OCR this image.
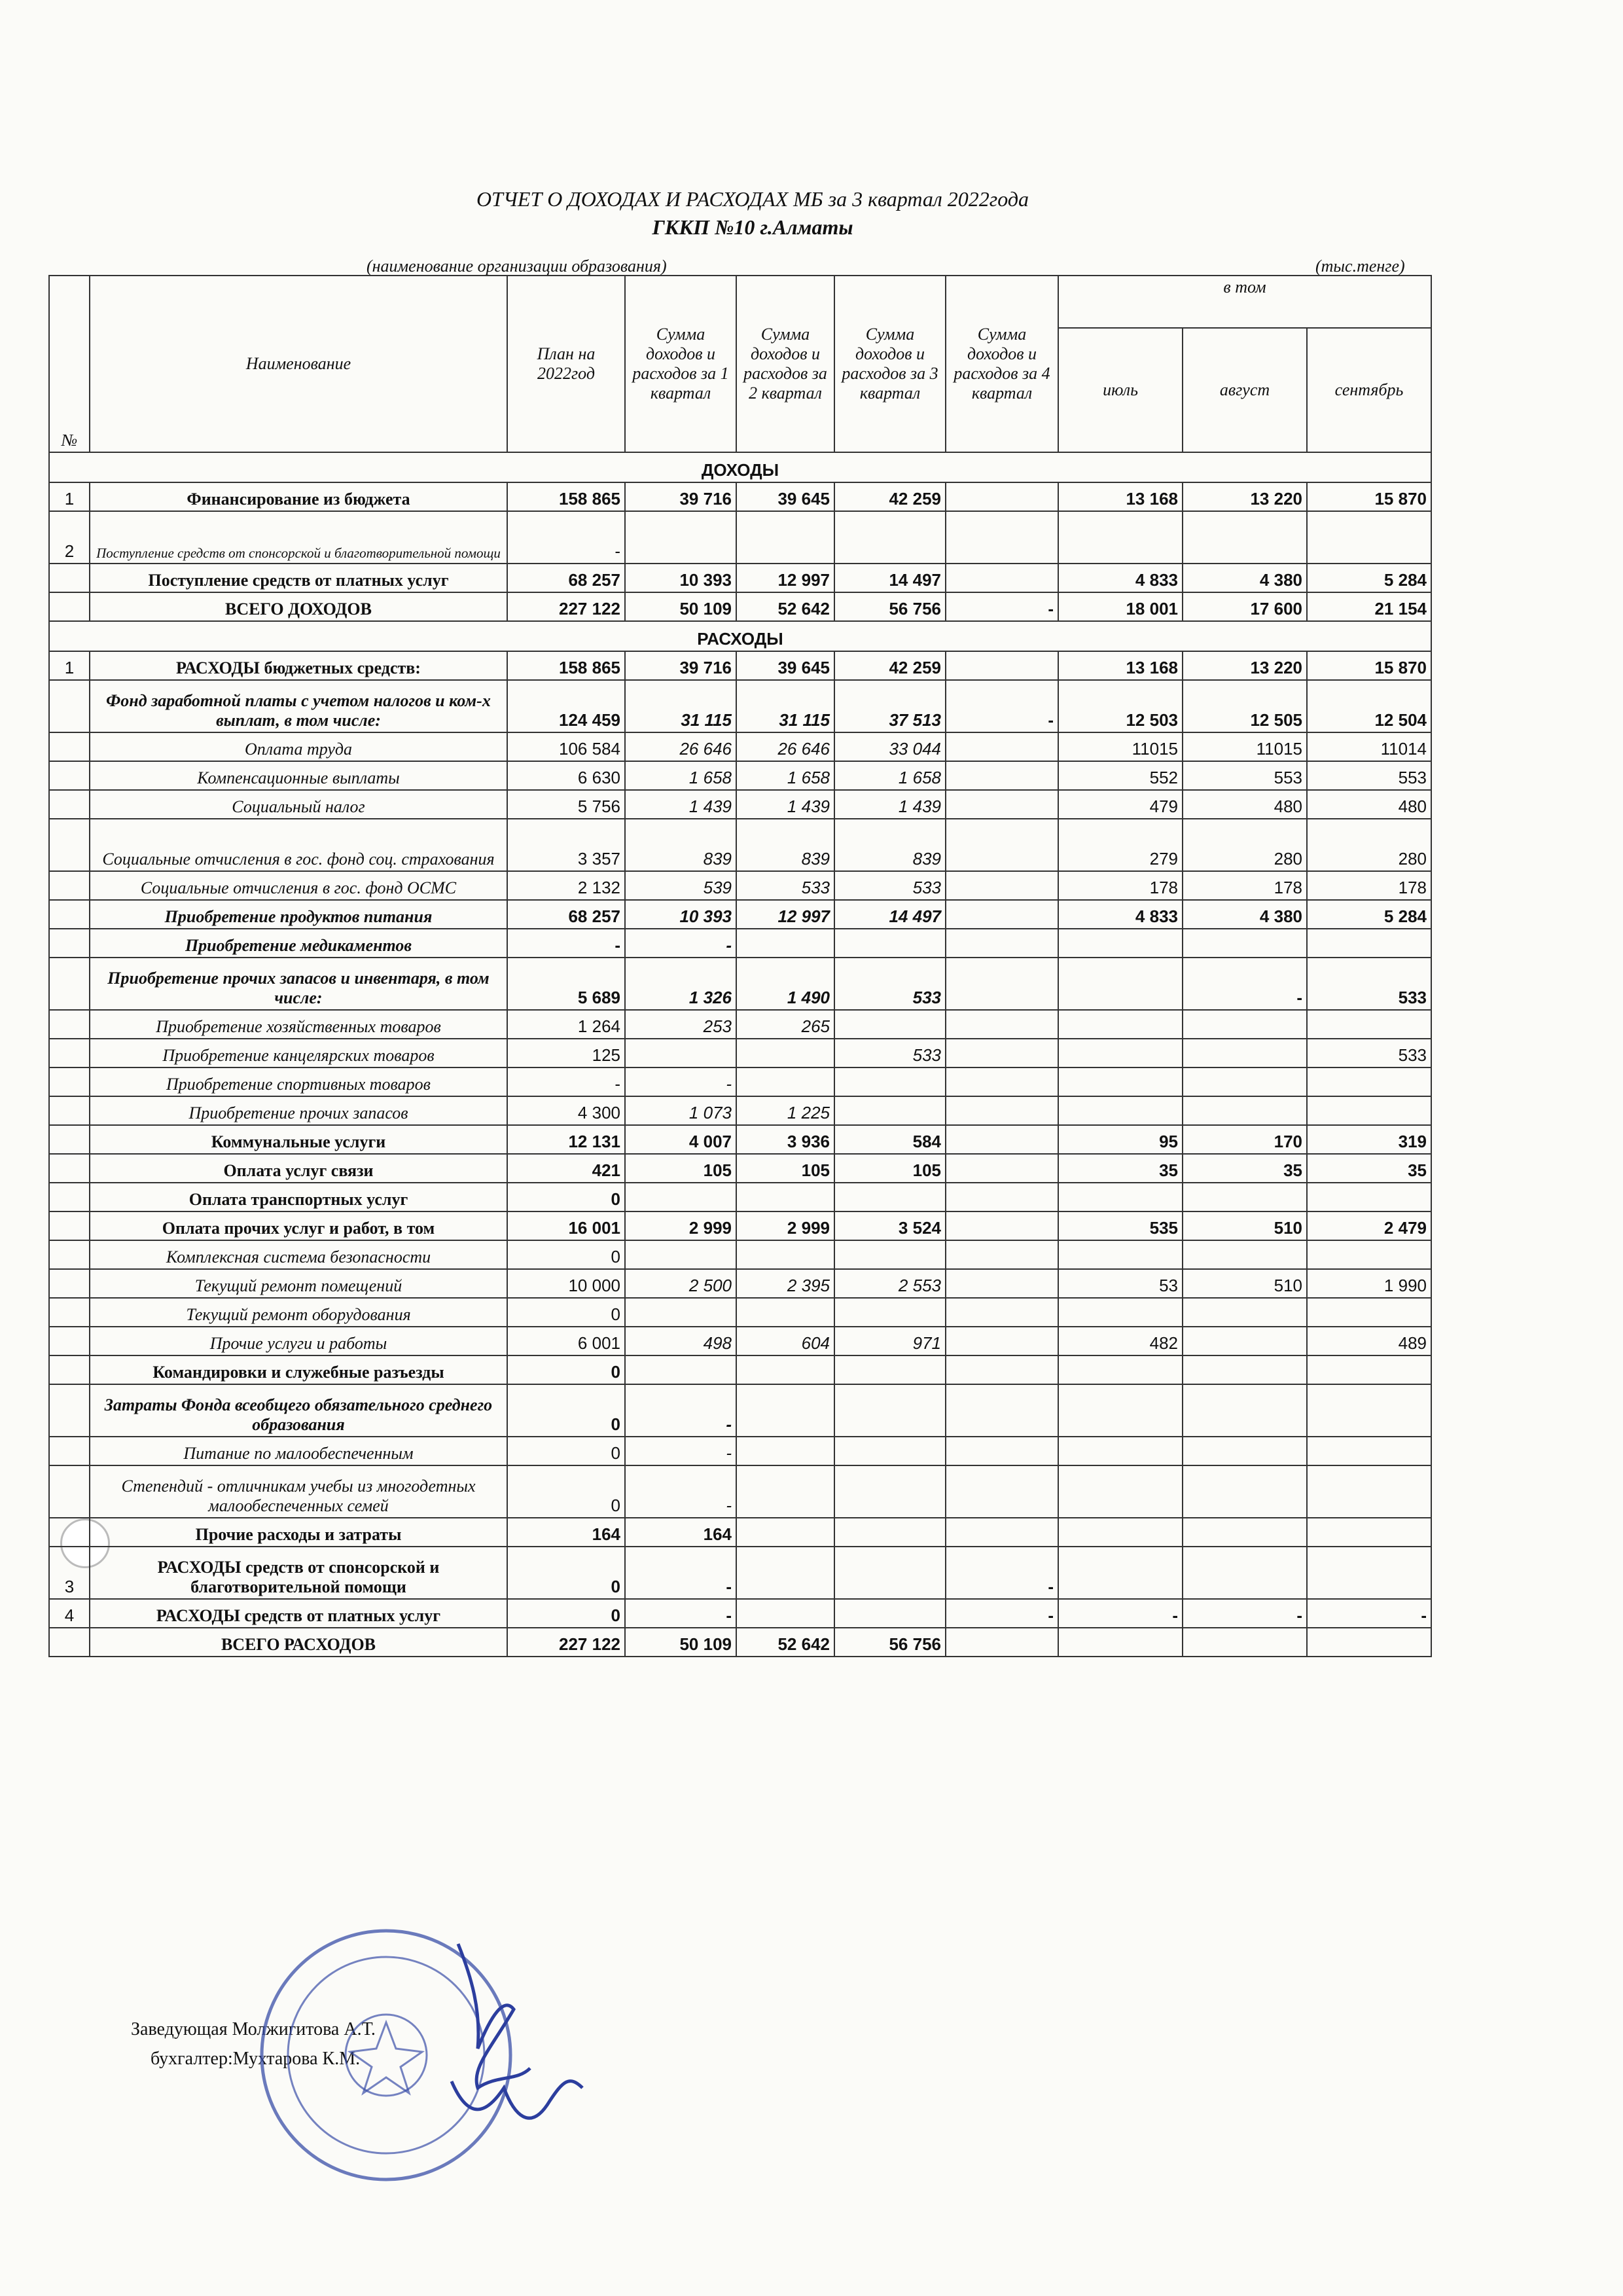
ОТЧЕТ О ДОХОДАХ И РАСХОДАХ МБ за 3 квартал 2022года
ГККП №10 г.Алматы
(наименование организации образования)	(тыс.тенге)
№	Наименование	План на 2022год	Сумма доходов и расходов за 1 квартал	Сумма доходов и расходов за 2 квартал	Сумма доходов и расходов за 3 квартал	Сумма доходов и расходов за 4 квартал	в том		
							июль	август	сентябрь
ДОХОДЫ									
1	Финансирование из бюджета	158 865	39 716	39 645	42 259		13 168	13 220	15 870
2	Поступление средств от спонсорской и благотворительной помощи	-							
	Поступление средств от платных услуг	68 257	10 393	12 997	14 497		4 833	4 380	5 284
	ВСЕГО ДОХОДОВ	227 122	50 109	52 642	56 756	-	18 001	17 600	21 154
РАСХОДЫ									
1	РАСХОДЫ бюджетных средств:	158 865	39 716	39 645	42 259		13 168	13 220	15 870
	Фонд заработной платы с учетом налогов и ком-х выплат, в том числе:	124 459	31 115	31 115	37 513	-	12 503	12 505	12 504
	Оплата труда	106 584	26 646	26 646	33 044		11015	11015	11014
	Компенсационные выплаты	6 630	1 658	1 658	1 658		552	553	553
	Социальный налог	5 756	1 439	1 439	1 439		479	480	480
	Социальные отчисления в гос. фонд соц. страхования	3 357	839	839	839		279	280	280
	Социальные отчисления в гос. фонд ОСМС	2 132	539	533	533		178	178	178
	Приобретение продуктов питания	68 257	10 393	12 997	14 497		4 833	4 380	5 284
	Приобретение медикаментов	-	-						
	Приобретение прочих запасов и инвентаря, в том числе:	5 689	1 326	1 490	533			-	533
	Приобретение хозяйственных товаров	1 264	253	265					
	Приобретение канцелярских товаров	125			533				533
	Приобретение спортивных товаров	-	-						
	Приобретение прочих запасов	4 300	1 073	1 225					
	Коммунальные услуги	12 131	4 007	3 936	584		95	170	319
	Оплата услуг связи	421	105	105	105		35	35	35
	Оплата транспортных услуг	0							
	Оплата прочих услуг и работ, в том	16 001	2 999	2 999	3 524		535	510	2 479
	Комплексная система безопасности	0							
	Текущий ремонт помещений	10 000	2 500	2 395	2 553		53	510	1 990
	Текущий ремонт оборудования	0							
	Прочие услуги и работы	6 001	498	604	971		482		489
	Командировки и служебные разъезды	0							
	Затраты Фонда всеобщего обязательного среднего образования	0	-						
	Питание по малообеспеченным	0	-						
	Степендий - отличникам учебы из многодетных малообеспеченных семей	0	-						
	Прочие расходы и затраты	164	164						
3	РАСХОДЫ средств от спонсорской и благотворительной помощи	0	-			-			
4	РАСХОДЫ средств от платных услуг	0	-			-	-	-	-
	ВСЕГО РАСХОДОВ	227 122	50 109	52 642	56 756				
Заведующая Молжигитова А.Т.
бухгалтер:Мухтарова К.М.
